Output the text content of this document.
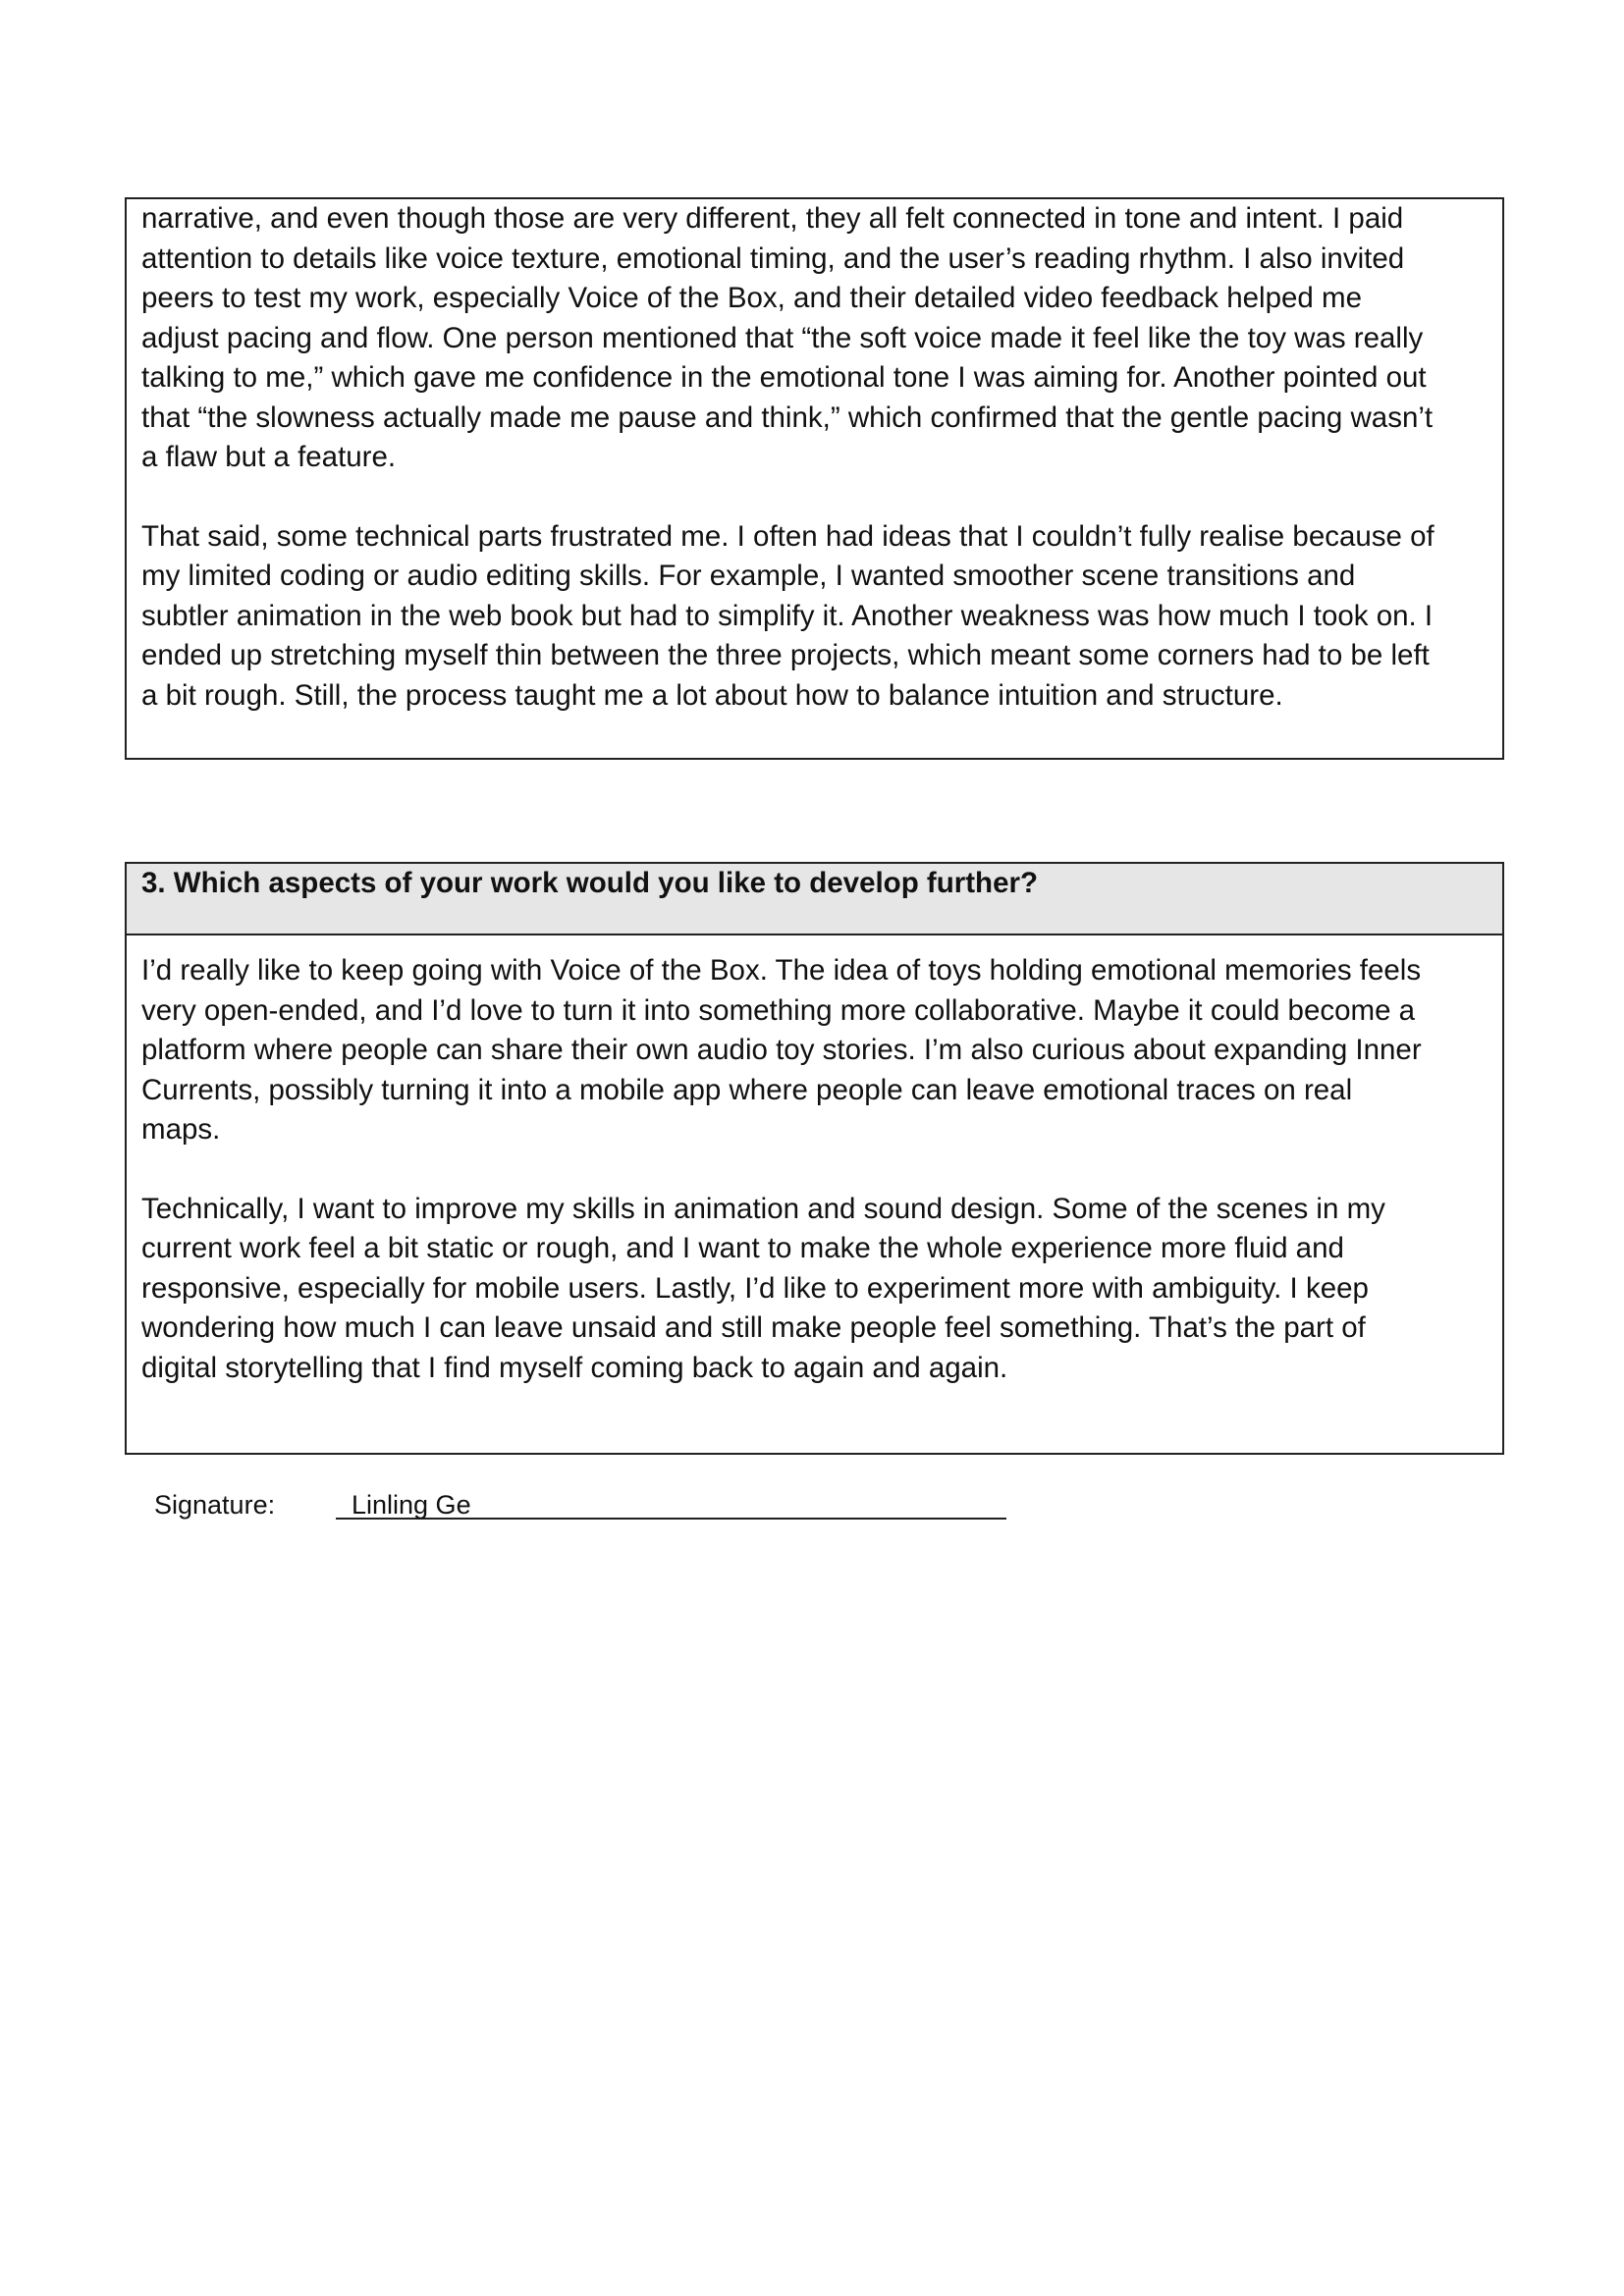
narrative, and even though those are very different, they all felt connected in tone and intent. I paid
attention to details like voice texture, emotional timing, and the user’s reading rhythm. I also invited
peers to test my work, especially Voice of the Box, and their detailed video feedback helped me
adjust pacing and flow. One person mentioned that “the soft voice made it feel like the toy was really
talking to me,” which gave me confidence in the emotional tone I was aiming for. Another pointed out
that “the slowness actually made me pause and think,” which confirmed that the gentle pacing wasn’t
a flaw but a feature.

That said, some technical parts frustrated me. I often had ideas that I couldn’t fully realise because of
my limited coding or audio editing skills. For example, I wanted smoother scene transitions and
subtler animation in the web book but had to simplify it. Another weakness was how much I took on. I
ended up stretching myself thin between the three projects, which meant some corners had to be left
a bit rough. Still, the process taught me a lot about how to balance intuition and structure.

3. Which aspects of your work would you like to develop further?

I’d really like to keep going with Voice of the Box. The idea of toys holding emotional memories feels
very open-ended, and I’d love to turn it into something more collaborative. Maybe it could become a
platform where people can share their own audio toy stories. I’m also curious about expanding Inner
Currents, possibly turning it into a mobile app where people can leave emotional traces on real
maps.

Technically, I want to improve my skills in animation and sound design. Some of the scenes in my
current work feel a bit static or rough, and I want to make the whole experience more fluid and
responsive, especially for mobile users. Lastly, I’d like to experiment more with ambiguity. I keep
wondering how much I can leave unsaid and still make people feel something. That’s the part of
digital storytelling that I find myself coming back to again and again.

Signature:	Linling Ge
